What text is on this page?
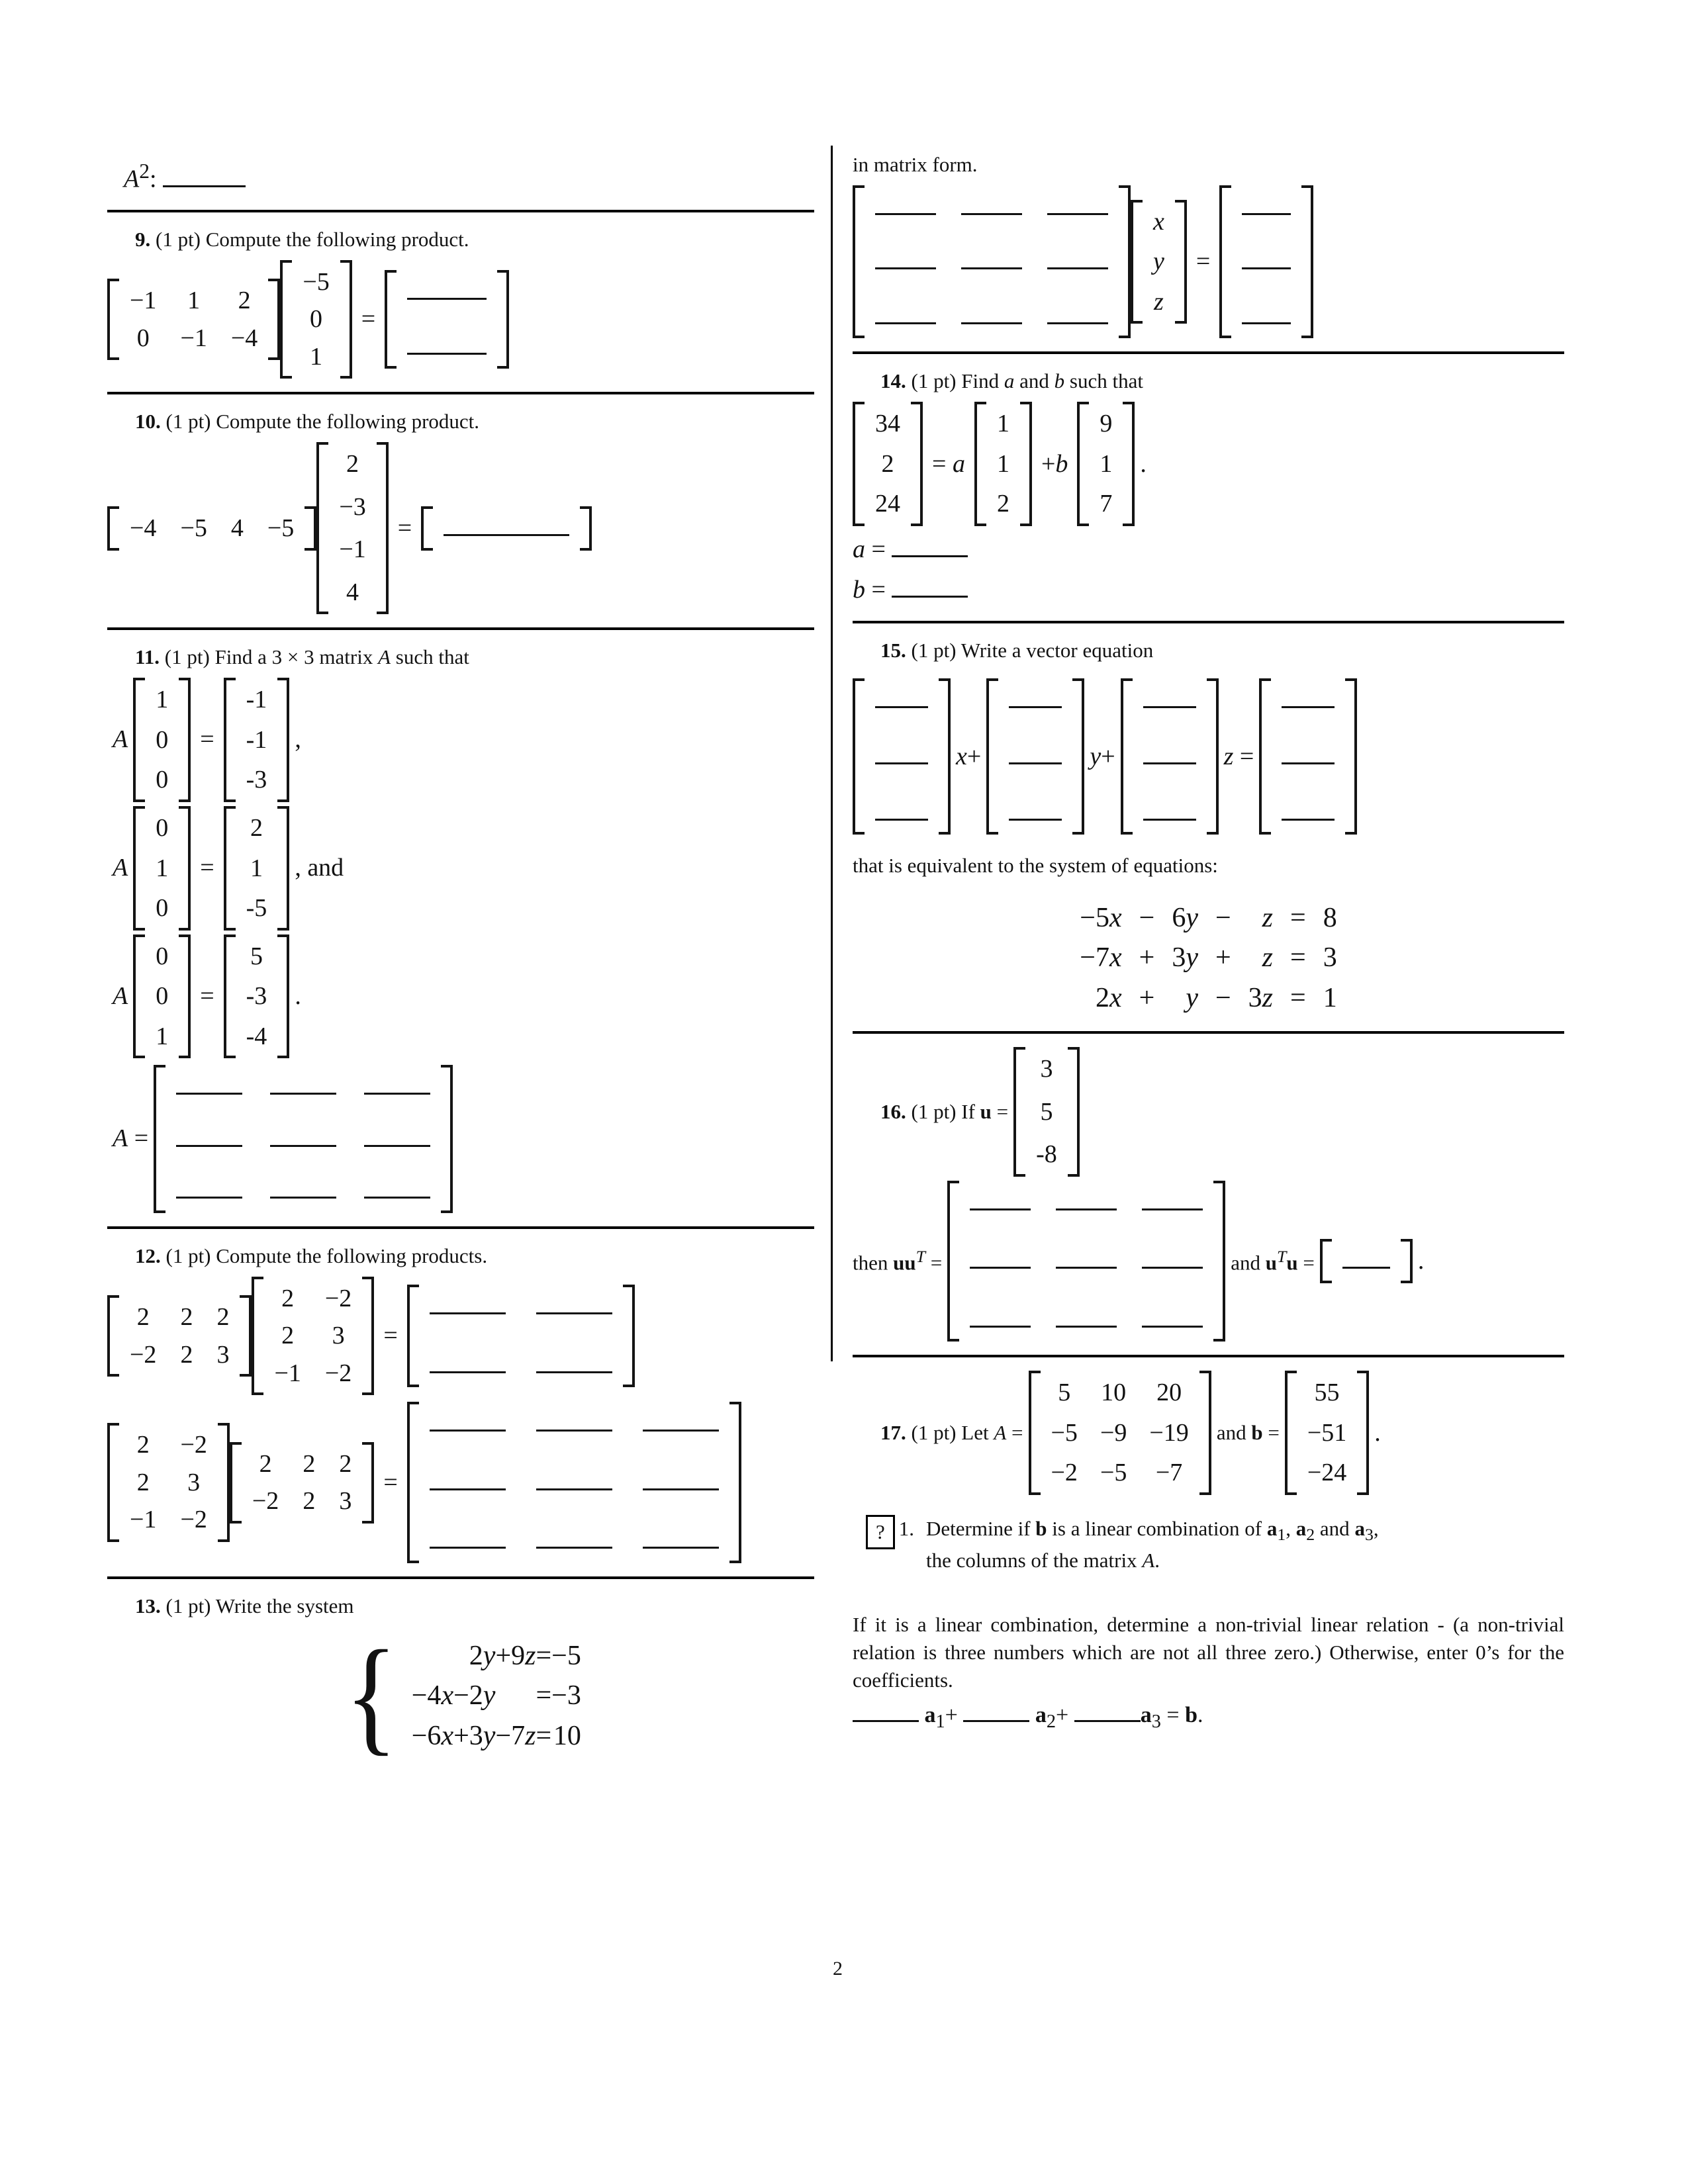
$A^2$:
9. (1 pt) Compute the following product.
−1 1 2
0 −1 −4
−5
0
1
=
10. (1 pt) Compute the following product.
−4 −5 4 −5
2
−3
−1
4
=
11. (1 pt) Find a 3 × 3 matrix A such that
A
1
0
0
=
-1
-1
-3
,
A
0
1
0
=
2
1
-5
, and
A
0
0
1
=
5
-3
-4
.
A =
12. (1 pt) Compute the following products.
2 2 2
−2 2 3
2 −2
2 3
−1 −2
=
2 −2
2 3
−1 −2
2 2 2
−2 2 3
=
13. (1 pt) Write the system
{	2y +9z = −5
−4x −2y = −3
−6x +3y −7z = 10
in matrix form.
x
y
z
=
14. (1 pt) Find a and b such that
34
2
24
= a
1
1
2
+b
9
1
7
.
a =
b =
15. (1 pt) Write a vector equation
x+	y+	z =
that is equivalent to the system of equations:
−5x − 6y −	z = 8
−7x + 3y +	z = 3
2x +	y − 3z = 1
16. (1 pt) If u =
3
5
-8
then $uu^T$ =	and $u^Tu$ =	.
17. (1 pt) Let A =
5 10 20
−5 −9 −19
−2 −5 −7
and b =
55
−51
−24
.
? 1. Determine if b is a linear combination of $a_1$, $a_2$ and $a_3$,
the columns of the matrix A.

If it is a linear combination, determine a non-trivial linear relation - (a non-trivial relation is three numbers which are not all three zero.) Otherwise, enter 0’s for the coefficients.

$a_1+$	$a_2+$	$a_3 = b$.
2
